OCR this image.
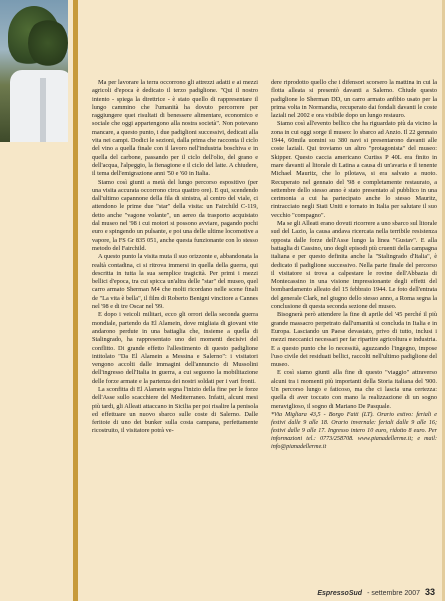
Ma per lavorare la terra occorrono gli attrezzi adatti e ai mezzi agricoli d'epoca è dedicato il terzo padiglione. "Qui il nostro intento - spiega la direttrice - è stato quello di rappresentare il lungo cammino che l'umanità ha dovuto percorrere per raggiungere quei risultati di benessere alimentare, economico e sociale che oggi appartengono alla nostra società". Non potevano mancare, a questo punto, i due padiglioni successivi, dedicati alla vita nei campi. Dodici le sezioni, dalla prima che racconta il ciclo del vino a quella finale con il lavoro nell'industria boschiva e in quella del carbone, passando per il ciclo dell'olio, del grano e dell'acqua, l'alpeggio, la fienagione e il ciclo del latte. A chiudere, il tema dell'emigrazione anni '50 e '60 in Italia.

Siamo così giunti a metà del lungo percorso espositivo (per una visita accurata occorrono circa quattro ore). E qui, scendendo dall'ultimo capannone della fila di sinistra, al centro del viale, ci attendono le prime due "star" della visita: un Fairchild C-119, detto anche "vagone volante", un aereo da trasporto acquistato dal museo nel '98 i cui motori si possono avviare, pagando pochi euro e spingendo un pulsante, e poi una delle ultime locomotive a vapore, la FS Gr 835 051, anche questa funzionante con lo stesso metodo del Fairchild.

A questo punto la visita muta il suo orizzonte e, abbandonata la realtà contadina, ci si ritrova immersi in quella della guerra, qui descritta in tutta la sua semplice tragicità. Per primi i mezzi bellici d'epoca, tra cui spicca un'altra delle "star" del museo, quel carro armato Sherman M4 che molti ricordano nelle scene finali de "La vita è bella", il film di Roberto Benigni vincitore a Cannes nel '98 e di tre Oscar nel '99.

E dopo i veicoli militari, ecco gli orrori della seconda guerra mondiale, partendo da El Alamein, dove migliaia di giovani vite andarono perdute in una battaglia che, insieme a quella di Stalingrado, ha rappresentato uno dei momenti decisivi del conflitto. Di grande effetto l'allestimento di questo padiglione intitolato "Da El Alamein a Messina e Salerno": i visitatori vengono accolti dalle immagini dell'annuncio di Mussolini dell'ingresso dell'Italia in guerra, a cui seguono la mobilitazione delle forze armate e la partenza dei nostri soldati per i vari fronti.

La sconfitta di El Alamein segna l'inizio della fine per le forze dell'Asse sullo scacchiere del Mediterraneo. Infatti, alcuni mesi più tardi, gli Alleati attaccano in Sicilia per poi risalire la penisola ed effettuare un nuovo sbarco sulle coste di Salerno. Dalle feritoie di uno dei bunker sulla costa campana, perfettamente ricostruito, il visitatore potrà ve-

dere riprodotto quello che i difensori scorsero la mattina in cui la flotta alleata si presentò davanti a Salerno. Chiude questo padiglione lo Sherman DD, un carro armato anfibio usato per la prima volta in Normandia, recuperato dai fondali davanti le coste laziali nel 2002 e ora visibile dopo un lungo restauro.

Siamo così all'evento bellico che ha riguardato più da vicino la zona in cui oggi sorge il museo: lo sbarco ad Anzio. Il 22 gennaio 1944, 60mila uomini su 380 navi si presentarono davanti alle coste laziali. Qui troviamo un altro "protagonista" del museo: Skipper. Questo caccia americano Curtiss P 40L era finito in mare davanti al litorale di Latina a causa di un'avaria e il tenente Michael Mauritz, che lo pilotava, si era salvato a nuoto. Recuperato nel gennaio del '98 e completamente restaurato, a settembre dello stesso anno è stato presentato al pubblico in una cerimonia a cui ha partecipato anche lo stesso Mauritz, rintracciato negli Stati Uniti e tornato in Italia per salutare il suo vecchio "compagno".

Ma se gli Alleati erano dovuti ricorrere a uno sbarco sul litorale sud del Lazio, la causa andava ricercata nella terribile resistenza opposta dalle forze dell'Asse lungo la linea "Gustav". E alla battaglia di Cassino, uno degli episodi più cruenti della campagna italiana e per questo definita anche la "Stalingrado d'Italia", è dedicato il padiglione successivo. Nella parte finale del percorso il visitatore si trova a calpestare le rovine dell'Abbazia di Montecassino in una visione impressionante degli effetti del bombardamento alleato del 15 febbraio 1944. Le foto dell'entrata del generale Clark, nel giugno dello stesso anno, a Roma segna la conclusione di questa seconda sezione del museo.

Bisognerà però attendere la fine di aprile del '45 perché il più grande massacro perpetrato dall'umanità si concluda in Italia e in Europa. Lasciando un Paese devastato, privo di tutto, inclusi i mezzi meccanici necessari per far ripartire agricoltura e industria. E a questo punto che lo necessità, aguzzando l'ingegno, impose l'uso civile dei residuati bellici, raccolti nell'ultimo padiglione del museo.

E così siamo giunti alla fine di questo "viaggio" attraverso alcuni tra i momenti più importanti della Storia italiana del '900. Un percorso lungo e faticoso, ma che ci lascia una certezza: quella di aver toccato con mano la realizzazione di un sogno meraviglioso, il sogno di Mariano De Pasquale.

*Via Migliara 43,5 - Borgo Faiti (LT). Orario estivo: feriali e festivi dalle 9 alle 18. Orario invernale: feriali dalle 9 alle 16; festivi dalle 9 alle 17. Ingresso intero 10 euro, ridotto 8 euro. Per informazioni tel.: 0773/258708. www.pianadellerme.it; e mail: info@pianadellerme.it

EspressoSud - settembre 2007 33
